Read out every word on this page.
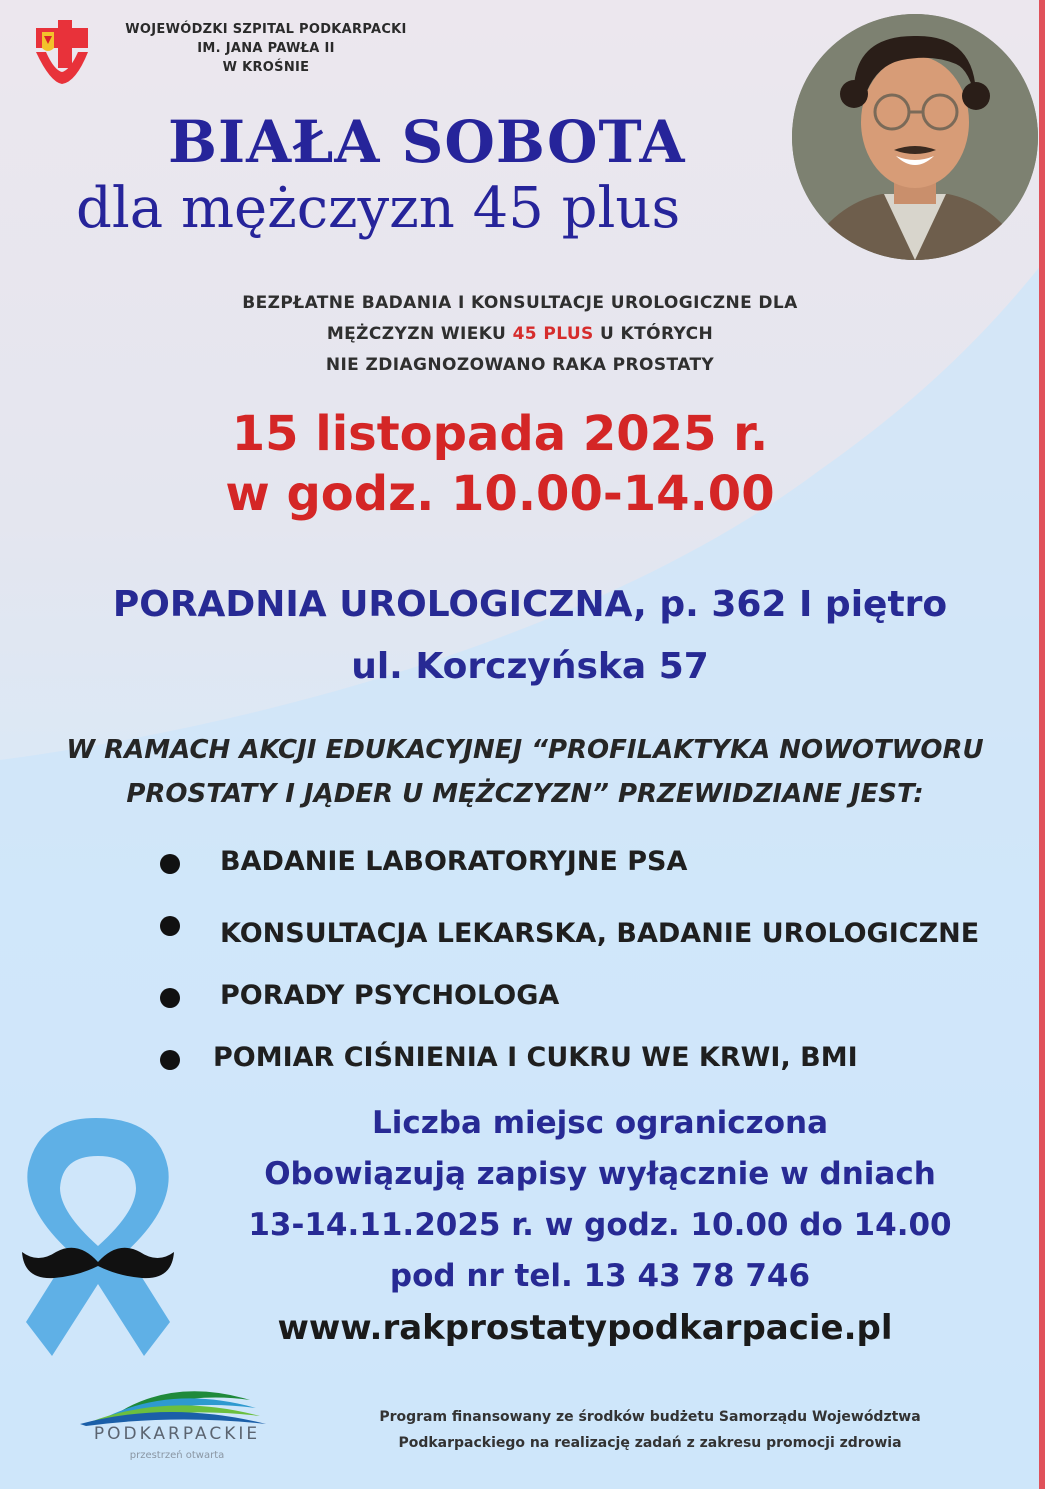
WOJEWÓDZKI SZPITAL PODKARPACKI
IM. JANA PAWŁA II
W KROŚNIE
BIAŁA SOBOTA
dla mężczyzn 45 plus
BEZPŁATNE BADANIA I KONSULTACJE UROLOGICZNE DLA
MĘŻCZYZN WIEKU 45 PLUS U KTÓRYCH
NIE ZDIAGNOZOWANO RAKA PROSTATY
15 listopada 2025 r.
w godz. 10.00-14.00
PORADNIA UROLOGICZNA, p. 362 I piętro
ul. Korczyńska 57
W RAMACH AKCJI EDUKACYJNEJ “PROFILAKTYKA NOWOTWORU
PROSTATY I JĄDER U MĘŻCZYZN” PRZEWIDZIANE JEST:
BADANIE LABORATORYJNE PSA
KONSULTACJA LEKARSKA, BADANIE UROLOGICZNE
PORADY PSYCHOLOGA
POMIAR CIŚNIENIA I CUKRU WE KRWI, BMI
Liczba miejsc ograniczona
Obowiązują zapisy wyłącznie w dniach
13-14.11.2025 r. w godz. 10.00 do 14.00
pod nr tel. 13 43 78 746
www.rakprostatypodkarpacie.pl
PODKARPACKIE
przestrzeń otwarta
Program finansowany ze środków budżetu Samorządu Województwa
Podkarpackiego na realizację zadań z zakresu promocji zdrowia
